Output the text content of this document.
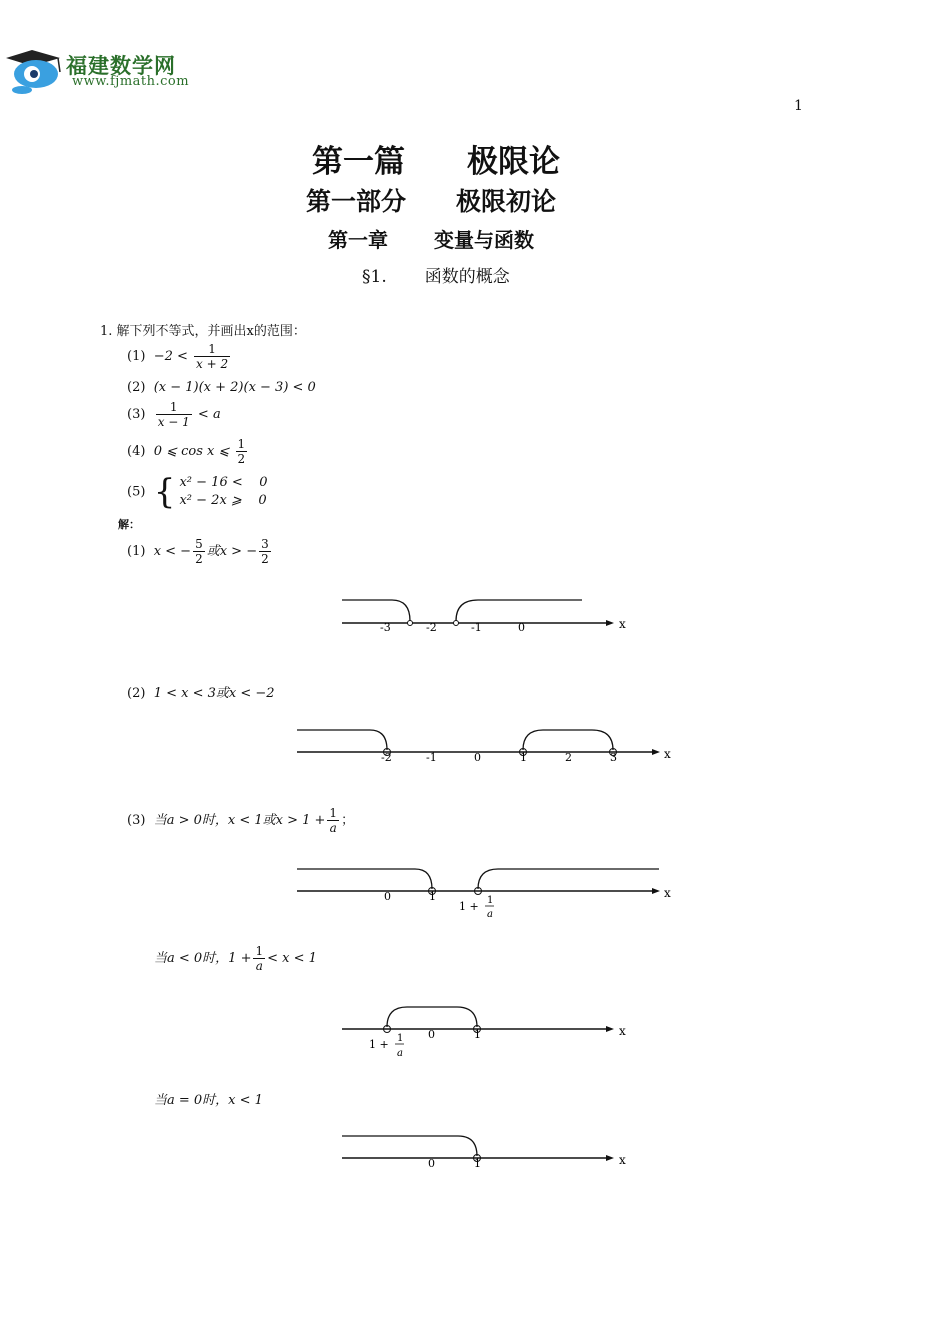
福建数学网
www.fjmath.com
1
第一篇 极限论
第一部分 极限初论
第一章 变量与函数
§1. 函数的概念
1. 解下列不等式，并画出x的范围：
$(1) -2 < \frac{1}{x + 2}$
(2) (x − 1)(x + 2)(x − 3) < 0
$(3) \frac{1}{x - 1} < a$
(4) 0 ⩽ cos x ⩽ $\frac{1}{2}$
(5) { x² − 16 <    0
x² − 2x ⩾    0
解：
(1) x < − $\frac{5}{2}$ 或x > − $\frac{3}{2}$
x
-3	-2	-1	0
(2) 1 < x < 3或x < −2
x
-2	-1	0	1	2	3
(3) 当a > 0时，x < 1或$x > 1 + \frac{1}{a}$ ；
x
0	1
1 + 1
a
当a < 0时，$1 + \frac{1}{a} < x < 1$
x
1 + 1
a
0	1
当a = 0时，x < 1
x
0	1
